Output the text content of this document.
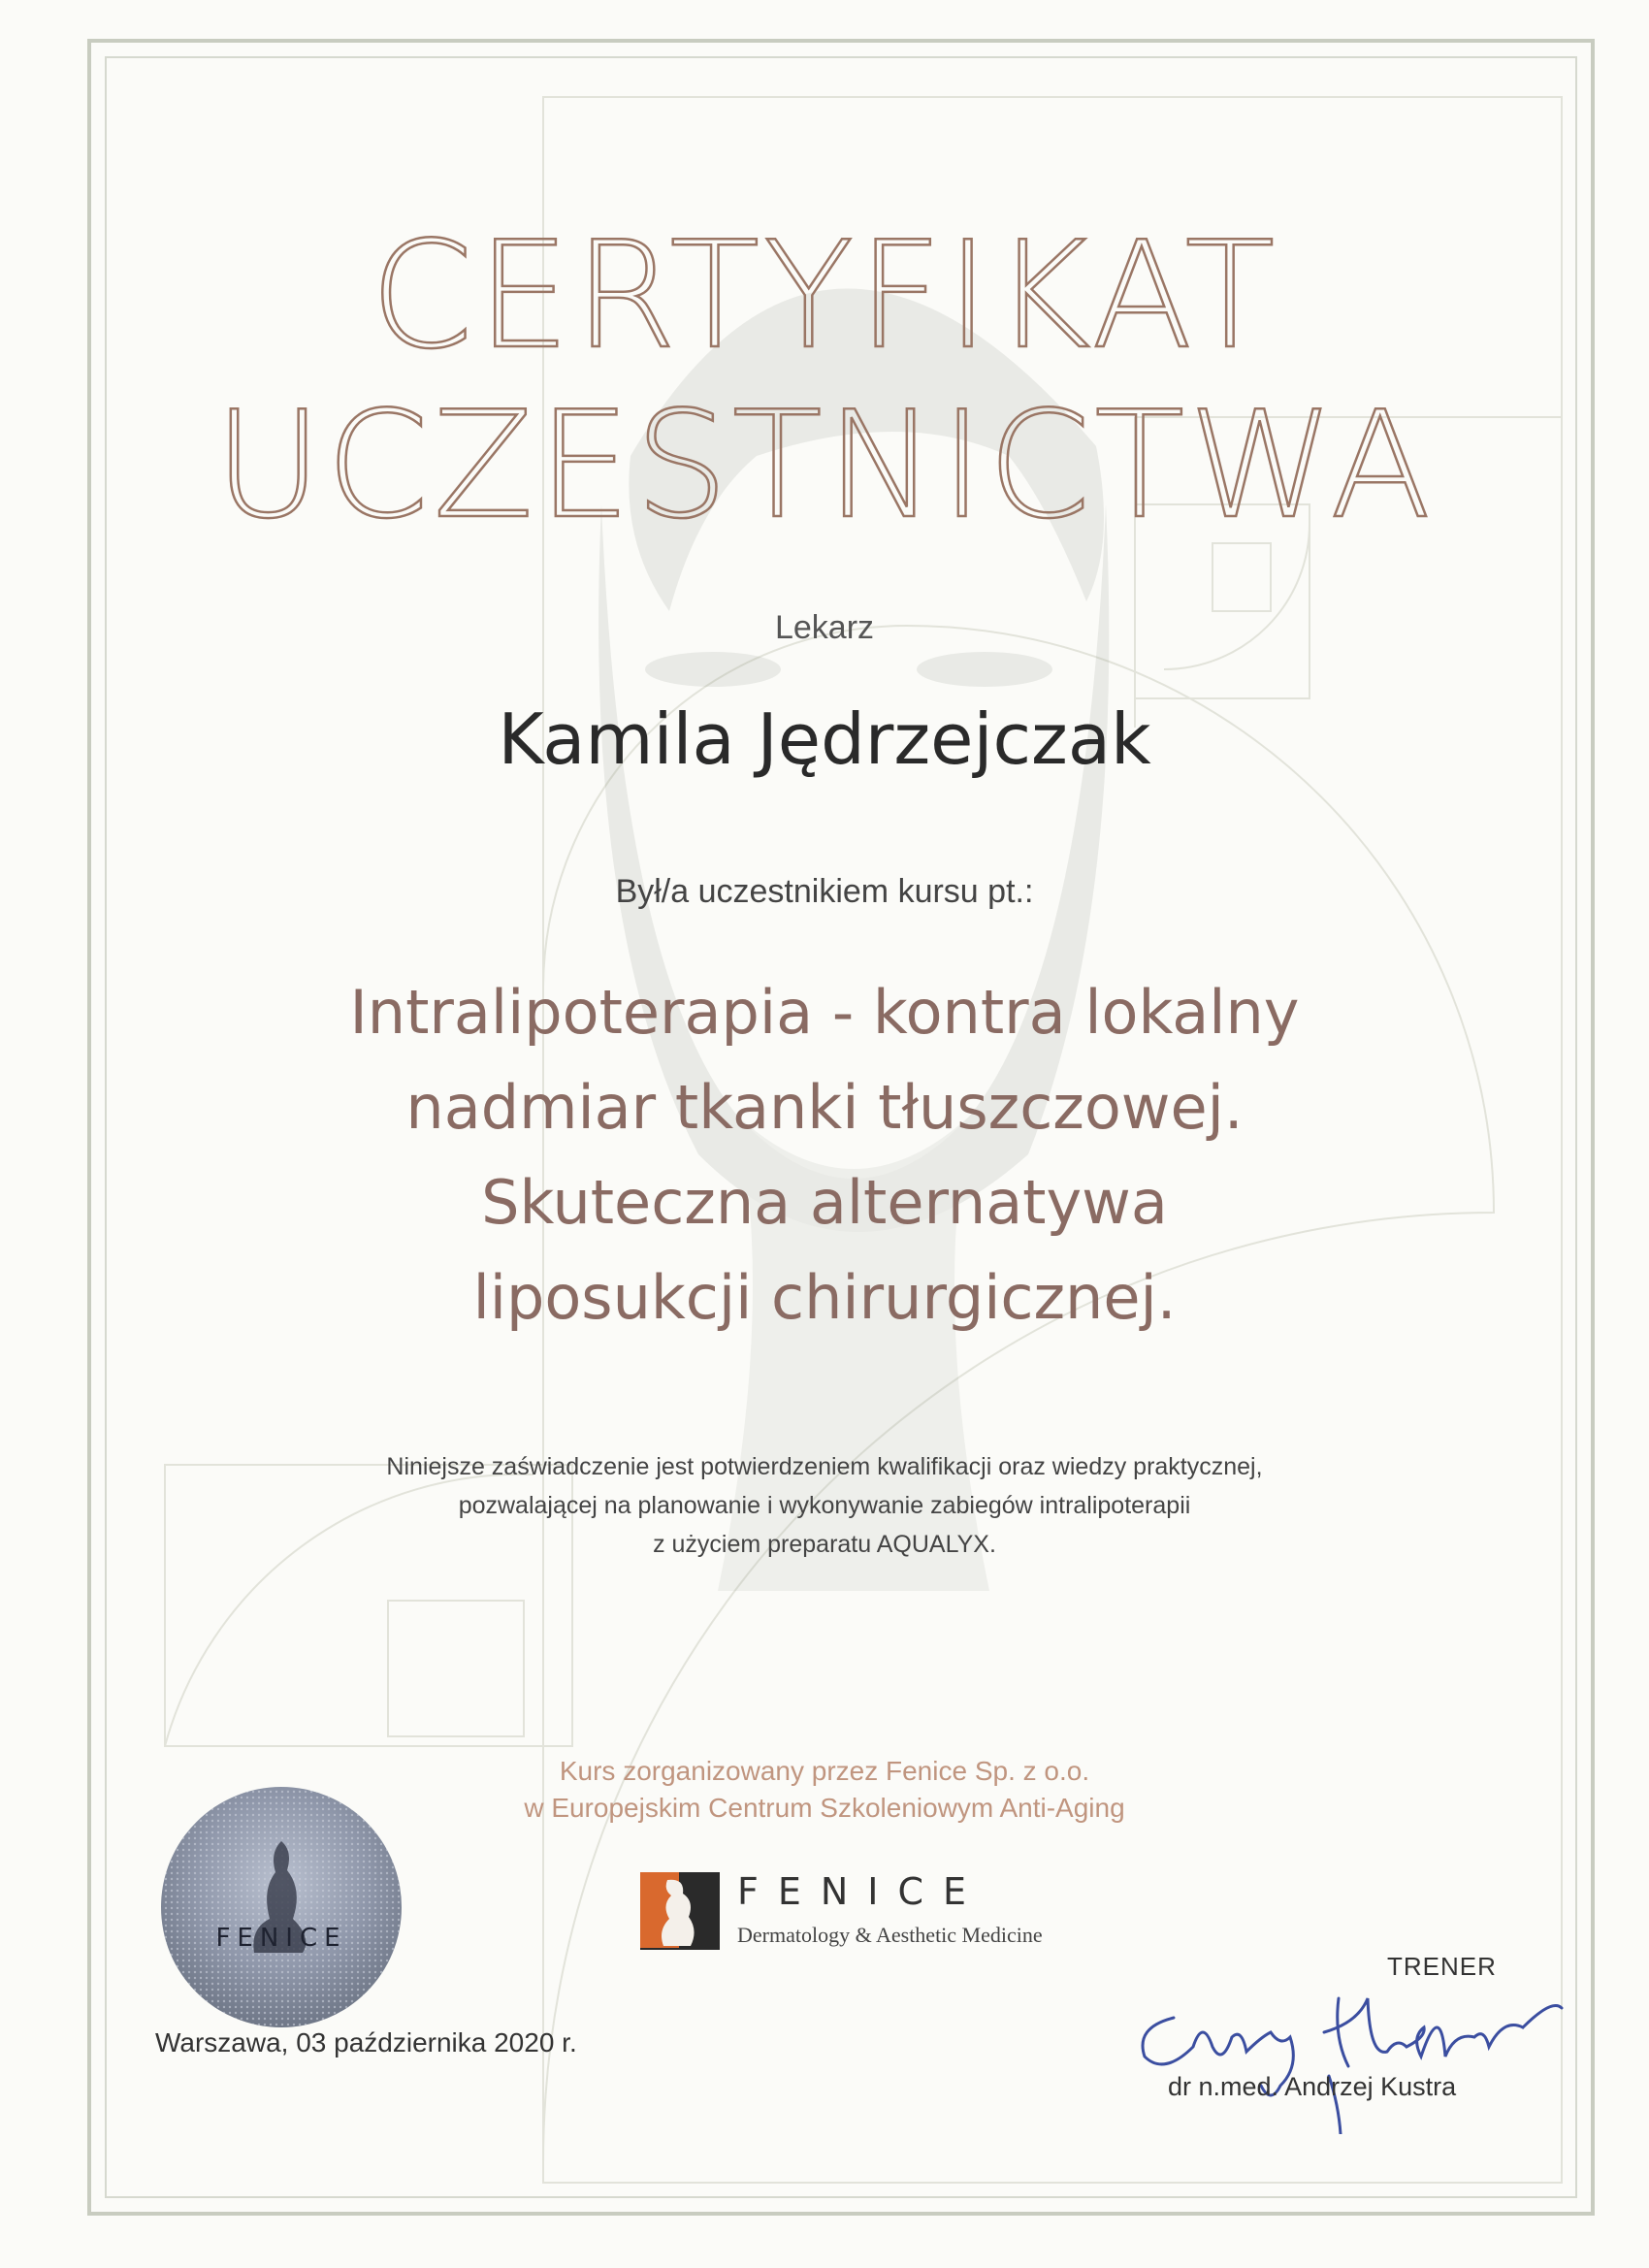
CERTYFIKAT
UCZESTNICTWA
Lekarz
Kamila Jędrzejczak
Był/a uczestnikiem kursu pt.:
Intralipoterapia - kontra lokalny
nadmiar tkanki tłuszczowej.
Skuteczna alternatywa
liposukcji chirurgicznej.
Niniejsze zaświadczenie jest potwierdzeniem kwalifikacji oraz wiedzy praktycznej,
pozwalającej na planowanie i wykonywanie zabiegów intralipoterapii
z użyciem preparatu AQUALYX.
Kurs zorganizowany przez Fenice Sp. z o.o.
w Europejskim Centrum Szkoleniowym Anti-Aging
FENICE
FENICE
Dermatology & Aesthetic Medicine
Warszawa, 03 października 2020 r.
TRENER
dr n.med. Andrzej Kustra
